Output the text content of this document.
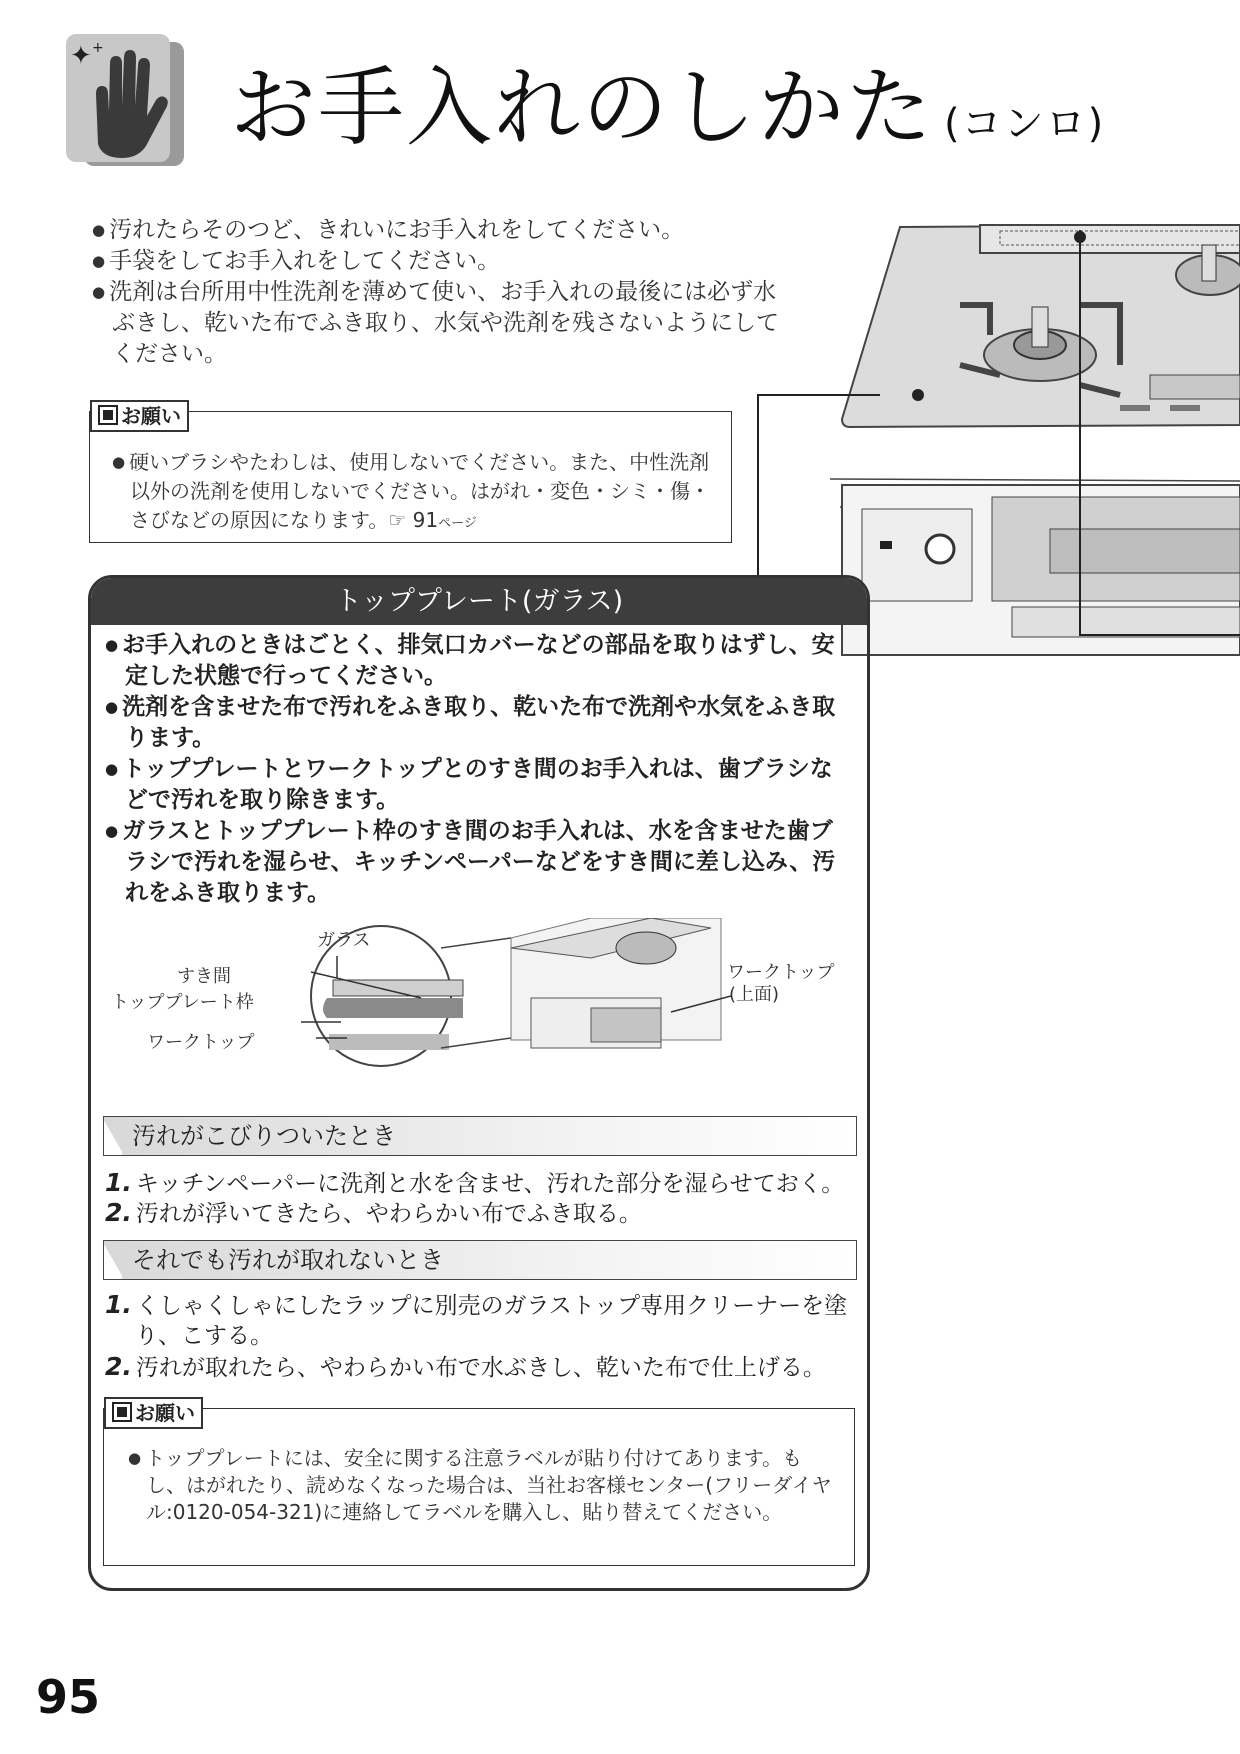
✦ +
お手入れのしかた (コンロ)

● 汚れたらそのつど、きれいにお手入れをしてください。

● 手袋をしてお手入れをしてください。

● 洗剤は台所用中性洗剤を薄めて使い、お手入れの最後には必ず水ぶきし、乾いた布でふき取り、水気や洗剤を残さないようにしてください。

お願い

● 硬いブラシやたわしは、使用しないでください。また、中性洗剤以外の洗剤を使用しないでください。はがれ・変色・シミ・傷・さびなどの原因になります。☞ 91ページ

トッププレート(ガラス)

● お手入れのときはごとく、排気口カバーなどの部品を取りはずし、安定した状態で行ってください。

● 洗剤を含ませた布で汚れをふき取り、乾いた布で洗剤や水気をふき取ります。

● トッププレートとワークトップとのすき間のお手入れは、歯ブラシなどで汚れを取り除きます。

● ガラスとトッププレート枠のすき間のお手入れは、水を含ませた歯ブラシで汚れを湿らせ、キッチンペーパーなどをすき間に差し込み、汚れをふき取ります。

ガラス
すき間
トッププレート枠
ワークトップ
ワークトップ
(上面)
汚れがこびりついたとき
1. キッチンペーパーに洗剤と水を含ませ、汚れた部分を湿らせておく。
2. 汚れが浮いてきたら、やわらかい布でふき取る。
それでも汚れが取れないとき
1. くしゃくしゃにしたラップに別売のガラストップ専用クリーナーを塗り、こする。
2. 汚れが取れたら、やわらかい布で水ぶきし、乾いた布で仕上げる。
お願い

● トッププレートには、安全に関する注意ラベルが貼り付けてあります。もし、はがれたり、読めなくなった場合は、当社お客様センター(フリーダイヤル:0120-054-321)に連絡してラベルを購入し、貼り替えてください。

95
